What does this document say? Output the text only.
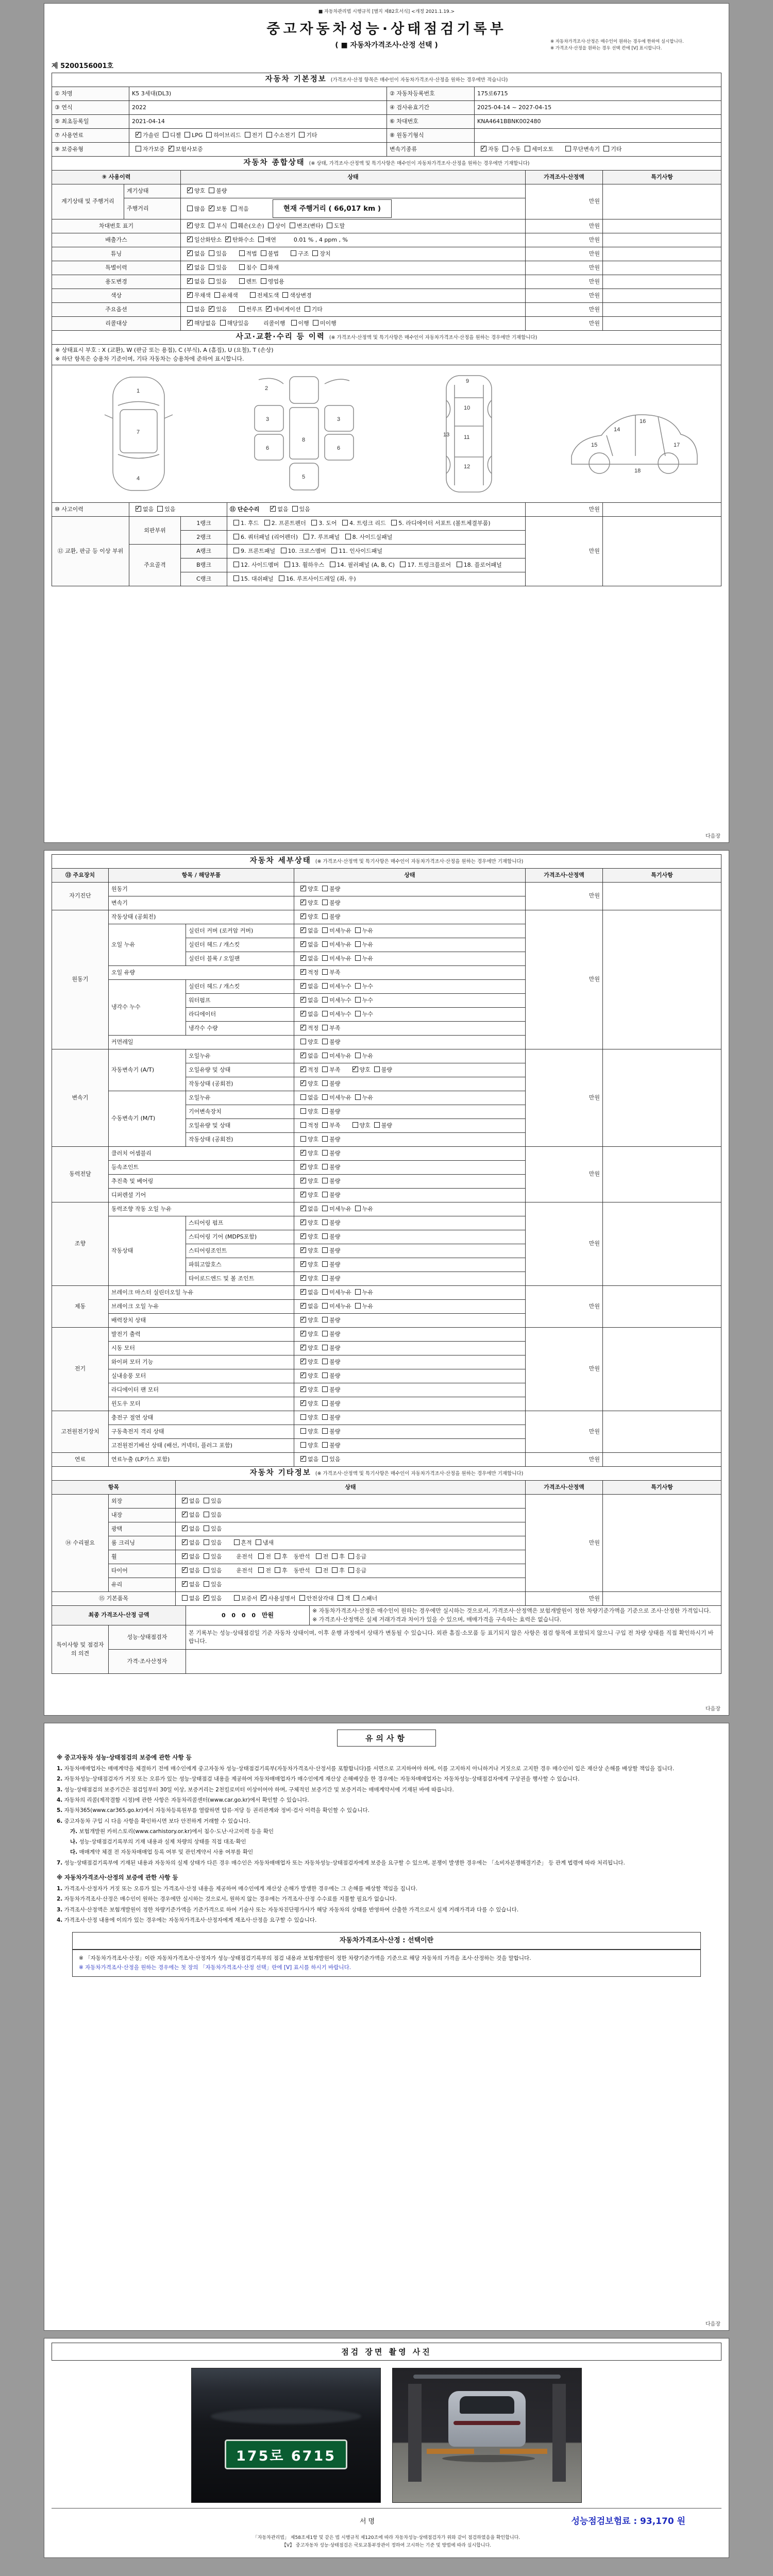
■ 자동차관리법 시행규칙 [별지 제82호서식] <개정 2021.1.19.>
중고자동차성능·상태점검기록부
( ■ 자동차가격조사·산정 선택 )	※ 자동차가격조사·산정은 매수인이 원하는 경우에 한하여 실시합니다.
※ 가격조사·산정을 원하는 경우 선택 칸에 [Ⅴ] 표시합니다.
제 5200156001호
자동차 기본정보 (가격조사·산정 항목은 매수인이 자동차가격조사·산정을 원하는 경우에만 적습니다)			
① 차명	K5 3세대(DL3)	② 자동차등록번호	175로6715
③ 연식	2022	④ 검사유효기간	2025-04-14 ~ 2027-04-15
⑤ 최초등록일	2021-04-14	⑥ 차대번호	KNA4641BBNK002480
⑦ 사용연료	✓가솔린 디젤 LPG 하이브리드 전기 수소전기 기타	⑧ 원동기형식	
⑨ 보증유형	자가보증 ✓ 보험사보증	변속기종류	✓자동 수동 세미오토 무단변속기 기타
자동차 종합상태 (※ 상태, 가격조사·산정액 및 특기사항은 매수인이 자동차가격조사·산정을 원하는 경우에만 기재합니다)				
⑨ 사용이력		상태	가격조사·산정액	특기사항
계기상태 및 주행거리	계기상태	✓양호 불량	만원	
	주행거리	많음 ✓ 보통 적음 현재 주행거리 ( 66,017 km )
차대번호 표기	✓양호 부식 훼손(오손) 상이 변조(변타) 도말	만원	
배출가스	✓일산화탄소 ✓ 탄화수소 매연 0.01 % , 4 ppm , %	만원	
튜닝	✓없음 있음 적법 불법 구조 장치	만원	
특별이력	✓없음 있음 침수 화재	만원	
용도변경	✓없음 있음 렌트 영업용	만원	
색상	✓무채색 유채색 전체도색 색상변경	만원	
주요옵션		없음 ✓ 있음 썬루프 ✓ 네비게이션 기타	만원	
리콜대상	✓해당없음 해당있음 리콜이행 이행 미이행	만원	
사고·교환·수리 등 이력 (※ 가격조사·산정액 및 특기사항은 매수인이 자동차가격조사·산정을 원하는 경우에만 기재합니다)					
※ 상태표시 부호 : X (교환), W (판금 또는 용접), C (부식), A (흠집), U (요철), T (손상)
※ 하단 항목은 승용차 기준이며, 기타 자동차는 승용차에 준하여 표시합니다.					

1
7
4
2
3	3
6	6
8
5
9
10
11
12
13
14
15
16
17
18

⑩ 사고이력	✓없음 있음		⑪ 단순수리 ✓ 없음 있음	만원	
⑫ 교환, 판금 등 이상 부위	외판부위	1랭크	1. 후드 2. 프론트펜더 3. 도어 4. 트렁크 리드 5. 라디에이터 서포트 (볼트체결부품)	만원	
		2랭크	6. 쿼터패널 (리어펜더) 7. 루프패널 8. 사이드실패널		
	주요골격	A랭크	9. 프론트패널 10. 크로스멤버 11. 인사이드패널		
		B랭크	12. 사이드멤버 13. 휠하우스 14. 필러패널 (A, B, C) 17. 트렁크플로어 18. 플로어패널		
		C랭크	15. 대쉬패널 16. 루프사이드레일 (좌, 우)		
다음장
자동차 세부상태 (※ 가격조사·산정액 및 특기사항은 매수인이 자동차가격조사·산정을 원하는 경우에만 기재합니다)					
⑬ 주요장치	항목 / 해당부품		상태	가격조사·산정액	특기사항
자기진단	원동기	✓양호 불량	만원	
	변속기	✓양호 불량
원동기	작동상태 (공회전)	✓양호 불량	만원	
	오일 누유	실린더 커버 (로커암 커버)	✓없음 미세누유 누유
		실린더 헤드 / 개스킷	✓없음 미세누유 누유
		실린더 블록 / 오일팬	✓없음 미세누유 누유
	오일 유량	✓적정 부족
	냉각수 누수	실린더 헤드 / 개스킷	✓없음 미세누수 누수
		워터펌프	✓없음 미세누수 누수
		라디에이터	✓없음 미세누수 누수
		냉각수 수량	✓적정 부족
	커먼레일		양호 불량		
변속기	자동변속기 (A/T)	오일누유	✓없음 미세누유 누유	만원	
		오일유량 및 상태	✓적정 부족 ✓ 양호 불량
		작동상태 (공회전)	✓양호 불량
	수동변속기 (M/T)	오일누유	없음 미세누유 누유		
		기어변속장치	양호 불량		
		오일유량 및 상태	적정 부족 양호 불량		
		작동상태 (공회전)	양호 불량		
동력전달	클러치 어셈블리	✓양호 불량	만원	
	등속조인트	✓양호 불량
	추진축 및 베어링	✓양호 불량
	디퍼렌셜 기어	✓양호 불량
조향	동력조향 작동 오일 누유	✓없음 미세누유 누유	만원	
	작동상태	스티어링 펌프	✓양호 불량
		스티어링 기어 (MDPS포함)	✓양호 불량
		스티어링조인트	✓양호 불량
		파워고압호스	✓양호 불량
		타이로드엔드 및 볼 조인트	✓양호 불량
제동	브레이크 마스터 실린더오일 누유	✓없음 미세누유 누유	만원	
	브레이크 오일 누유	✓없음 미세누유 누유
	배력장치 상태	✓양호 불량
전기	발전기 출력	✓양호 불량	만원	
	시동 모터	✓양호 불량
	와이퍼 모터 기능	✓양호 불량
	실내송풍 모터	✓양호 불량
	라디에이터 팬 모터	✓양호 불량
	윈도우 모터	✓양호 불량
고전원전기장치	충전구 절연 상태		양호 불량	만원	
	구동축전지 격리 상태		양호 불량		
	고전원전기배선 상태 (배선, 커넥터, 플러그 포함)		양호 불량		
연료	연료누출 (LP가스 포함)	✓없음 있음	만원	
자동차 기타정보 (※ 가격조사·산정액 및 특기사항은 매수인이 자동차가격조사·산정을 원하는 경우에만 기재합니다)				
항목		상태	가격조사·산정액	특기사항
⑭ 수리필요	외장	✓없음 있음	만원	
	내장	✓없음 있음
	광택	✓없음 있음
	룸 크리닝	✓없음 있음 흔적 냄새
	휠	✓없음 있음 운전석 전 후 동반석 전 후 응급
	타이어	✓없음 있음 운전석 전 후 동반석 전 후 응급
	유리	✓없음 있음
⑮ 기본품목		없음 ✓ 있음 보증서 ✓ 사용설명서 안전삼각대 잭 스패너	만원	
최종 가격조사·산정 금액	0 0 0 0 만원	※ 자동차가격조사·산정은 매수인이 원하는 경우에만 실시하는 것으로서, 가격조사·산정액은 보험개발원이 정한 차량기준가액을 기준으로 조사·산정한 가격입니다.
※ 가격조사·산정액은 실제 거래가격과 차이가 있을 수 있으며, 매매가격을 구속하는 효력은 없습니다.
특이사항 및 점검자의 의견	성능·상태점검자	본 기록부는 성능·상태점검일 기준 자동차 상태이며, 이후 운행 과정에서 상태가 변동될 수 있습니다. 외관 흠집·소모품 등 표기되지 않은 사항은 점검 항목에 포함되지 않으니 구입 전 차량 상태를 직접 확인하시기 바랍니다.
	가격·조사산정자	
다음장
유의사항
※ 중고자동차 성능·상태점검의 보증에 관한 사항 등
1. 자동차매매업자는 매매계약을 체결하기 전에 매수인에게 중고자동차 성능·상태점검기록부(자동차가격조사·산정서를 포함합니다)를 서면으로 고지하여야 하며, 이를 고지하지 아니하거나 거짓으로 고지한 경우 매수인이 입은 재산상 손해를 배상할 책임을 집니다.
2. 자동차성능·상태점검자가 거짓 또는 오류가 있는 성능·상태점검 내용을 제공하여 자동차매매업자가 매수인에게 재산상 손해배상을 한 경우에는 자동차매매업자는 자동차성능·상태점검자에게 구상권을 행사할 수 있습니다.
3. 성능·상태점검의 보증기간은 점검일부터 30일 이상, 보증거리는 2천킬로미터 이상이어야 하며, 구체적인 보증기간 및 보증거리는 매매계약서에 기재된 바에 따릅니다.
4. 자동차의 리콜(제작결함 시정)에 관한 사항은 자동차리콜센터(www.car.go.kr)에서 확인할 수 있습니다.
5. 자동차365(www.car365.go.kr)에서 자동차등록원부를 열람하면 압류·저당 등 권리관계와 정비·검사 이력을 확인할 수 있습니다.
6. 중고자동차 구입 시 다음 사항을 확인하시면 보다 안전하게 거래할 수 있습니다.
가. 보험개발원 카히스토리(www.carhistory.or.kr)에서 침수·도난·사고이력 등을 확인
나. 성능·상태점검기록부의 기재 내용과 실제 차량의 상태를 직접 대조·확인
다. 매매계약 체결 전 자동차매매업 등록 여부 및 관인계약서 사용 여부를 확인
7. 성능·상태점검기록부에 기재된 내용과 자동차의 실제 상태가 다른 경우 매수인은 자동차매매업자 또는 자동차성능·상태점검자에게 보증을 요구할 수 있으며, 분쟁이 발생한 경우에는 「소비자분쟁해결기준」 등 관계 법령에 따라 처리됩니다.
※ 자동차가격조사·산정의 보증에 관한 사항 등
1. 가격조사·산정자가 거짓 또는 오류가 있는 가격조사·산정 내용을 제공하여 매수인에게 재산상 손해가 발생한 경우에는 그 손해를 배상할 책임을 집니다.
2. 자동차가격조사·산정은 매수인이 원하는 경우에만 실시하는 것으로서, 원하지 않는 경우에는 가격조사·산정 수수료를 지불할 필요가 없습니다.
3. 가격조사·산정액은 보험개발원이 정한 차량기준가액을 기준가격으로 하여 기술사 또는 자동차진단평가사가 해당 자동차의 상태를 반영하여 산출한 가격으로서 실제 거래가격과 다를 수 있습니다.
4. 가격조사·산정 내용에 이의가 있는 경우에는 자동차가격조사·산정자에게 재조사·산정을 요구할 수 있습니다.
자동차가격조사·산정 : 선택이란
※ 「자동차가격조사·산정」이란 자동차가격조사·산정자가 성능·상태점검기록부의 점검 내용과 보험개발원이 정한 차량기준가액을 기준으로 해당 자동차의 가격을 조사·산정하는 것을 말합니다.
※ 자동차가격조사·산정을 원하는 경우에는 첫 장의 「자동차가격조사·산정 선택」란에 [Ⅴ] 표시를 하시기 바랍니다.
다음장
점검 장면 촬영 사진
175로 6715
서명	성능점검보험료 : 93,170 원
「자동차관리법」 제58조제1항 및 같은 법 시행규칙 제120조에 따라 자동차성능·상태점검자가 위와 같이 점검하였음을 확인합니다.
【Ⅴ】 중고자동차 성능·상태점검은 국토교통부장관이 정하여 고시하는 기준 및 방법에 따라 실시합니다.
